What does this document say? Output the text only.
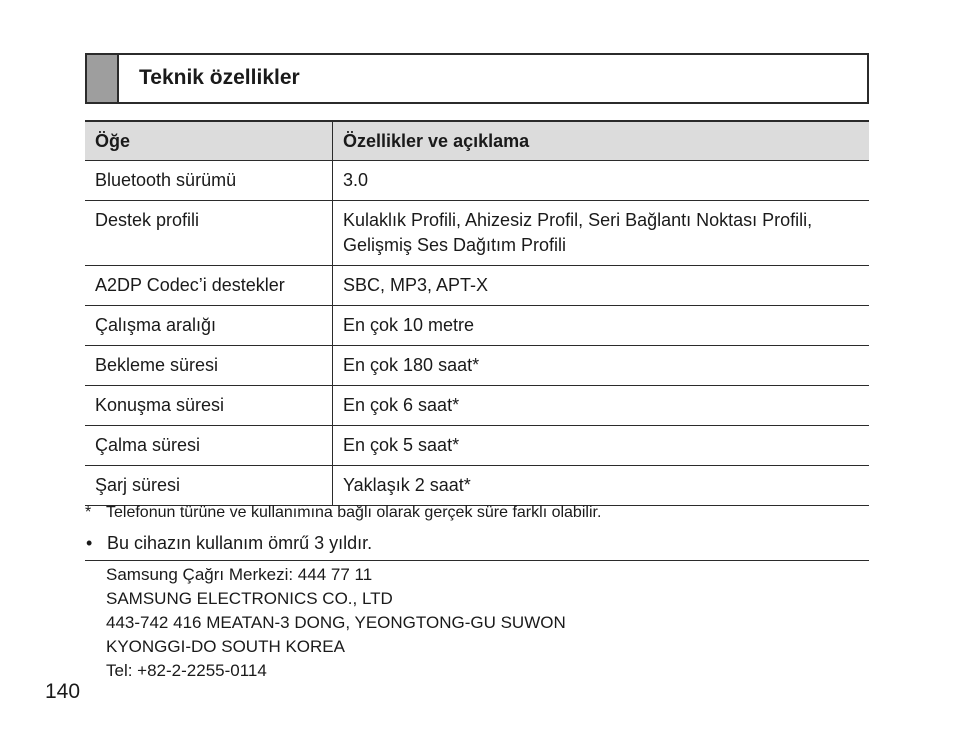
Teknik özellikler
Öğe	Özellikler ve açıklama
Bluetooth sürümü	3.0
Destek profili	Kulaklık Profili, Ahizesiz Profil, Seri Bağlantı Noktası Profili,
Gelişmiş Ses Dağıtım Profili

A2DP Codec’i destekler	SBC, MP3, APT-X
Çalışma aralığı	En çok 10 metre
Bekleme süresi	En çok 180 saat*
Konuşma süresi	En çok 6 saat*
Çalma süresi	En çok 5 saat*
Şarj süresi	Yaklaşık 2 saat*
* Telefonun türüne ve kullanımına bağlı olarak gerçek süre farklı olabilir.
• Bu cihazın kullanım ömrű 3 yıldır.
Samsung Çağrı Merkezi: 444 77 11
SAMSUNG ELECTRONICS CO., LTD
443-742 416 MEATAN-3 DONG, YEONGTONG-GU SUWON
KYONGGI-DO SOUTH KOREA
Tel: +82-2-2255-0114
140
